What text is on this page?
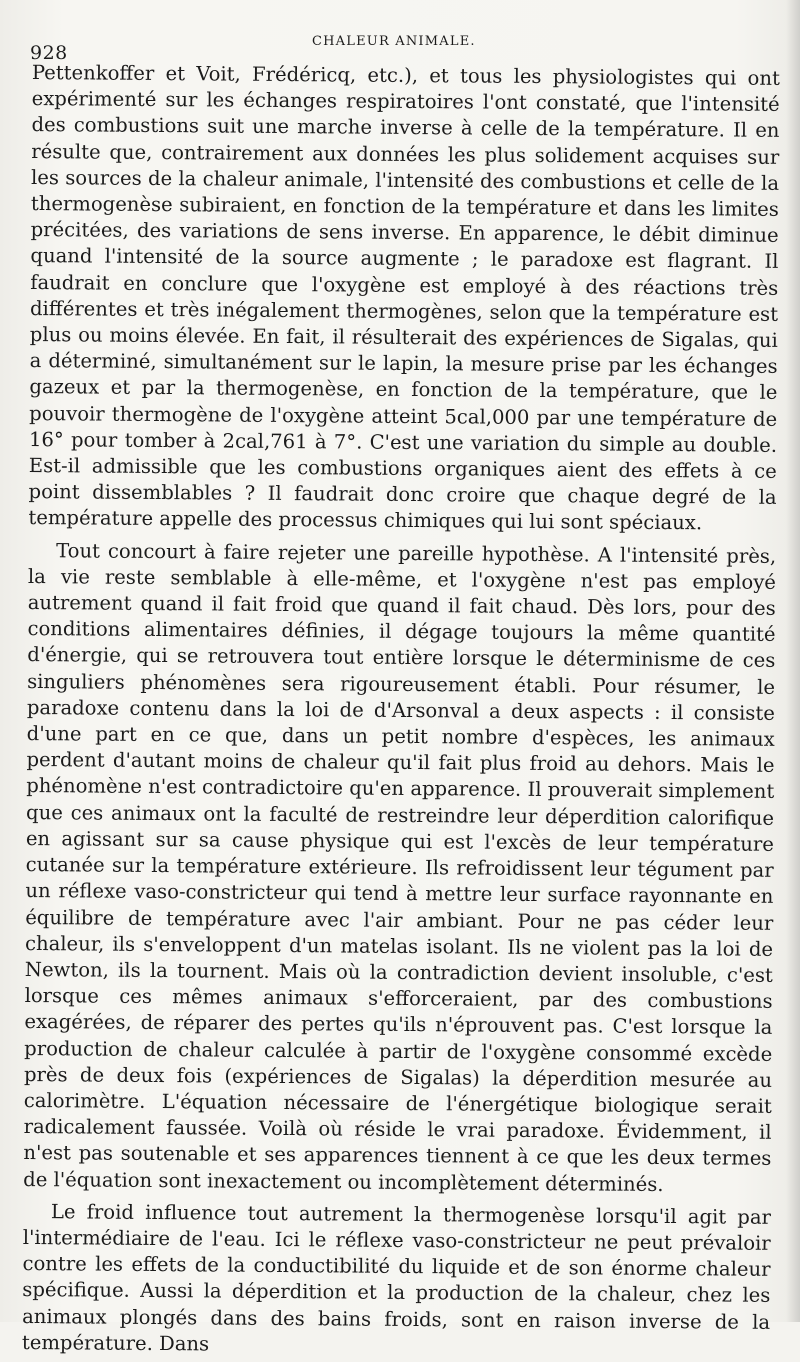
928
CHALEUR ANIMALE.

Pettenkoffer et Voit, Frédéricq, etc.), et tous les physiologistes qui ont expérimenté sur les échanges respiratoires l'ont constaté, que l'intensité des combustions suit une marche inverse à celle de la température. Il en résulte que, contrairement aux données les plus solidement acquises sur les sources de la chaleur animale, l'intensité des combustions et celle de la thermogenèse subiraient, en fonction de la température et dans les limites précitées, des variations de sens inverse. En apparence, le débit diminue quand l'intensité de la source augmente ; le paradoxe est flagrant. Il faudrait en conclure que l'oxygène est employé à des réactions très différentes et très inégalement thermogènes, selon que la température est plus ou moins élevée. En fait, il résulterait des expériences de Sigalas, qui a déterminé, simultanément sur le lapin, la mesure prise par les échanges gazeux et par la thermogenèse, en fonction de la température, que le pouvoir thermogène de l'oxygène atteint 5cal,000 par une température de 16° pour tomber à 2cal,761 à 7°. C'est une variation du simple au double. Est-il admissible que les combustions organiques aient des effets à ce point dissemblables ? Il faudrait donc croire que chaque degré de la température appelle des processus chimiques qui lui sont spéciaux.

Tout concourt à faire rejeter une pareille hypothèse. A l'intensité près, la vie reste semblable à elle-même, et l'oxygène n'est pas employé autrement quand il fait froid que quand il fait chaud. Dès lors, pour des conditions alimentaires définies, il dégage toujours la même quantité d'énergie, qui se retrouvera tout entière lorsque le déterminisme de ces singuliers phénomènes sera rigoureusement établi. Pour résumer, le paradoxe contenu dans la loi de d'Arsonval a deux aspects : il consiste d'une part en ce que, dans un petit nombre d'espèces, les animaux perdent d'autant moins de chaleur qu'il fait plus froid au dehors. Mais le phénomène n'est contradictoire qu'en apparence. Il prouverait simplement que ces animaux ont la faculté de restreindre leur déperdition calorifique en agissant sur sa cause physique qui est l'excès de leur température cutanée sur la température extérieure. Ils refroidissent leur tégument par un réflexe vaso-constricteur qui tend à mettre leur surface rayonnante en équilibre de température avec l'air ambiant. Pour ne pas céder leur chaleur, ils s'enveloppent d'un matelas isolant. Ils ne violent pas la loi de Newton, ils la tournent. Mais où la contradiction devient insoluble, c'est lorsque ces mêmes animaux s'efforceraient, par des combustions exagérées, de réparer des pertes qu'ils n'éprouvent pas. C'est lorsque la production de chaleur calculée à partir de l'oxygène consommé excède près de deux fois (expériences de Sigalas) la déperdition mesurée au calorimètre. L'équation nécessaire de l'énergétique biologique serait radicalement faussée. Voilà où réside le vrai paradoxe. Évidemment, il n'est pas soutenable et ses apparences tiennent à ce que les deux termes de l'équation sont inexactement ou incomplètement déterminés.

Le froid influence tout autrement la thermogenèse lorsqu'il agit par l'intermédiaire de l'eau. Ici le réflexe vaso-constricteur ne peut prévaloir contre les effets de la conductibilité du liquide et de son énorme chaleur spécifique. Aussi la déperdition et la production de la chaleur, chez les animaux plongés dans des bains froids, sont en raison inverse de la température. Dans
